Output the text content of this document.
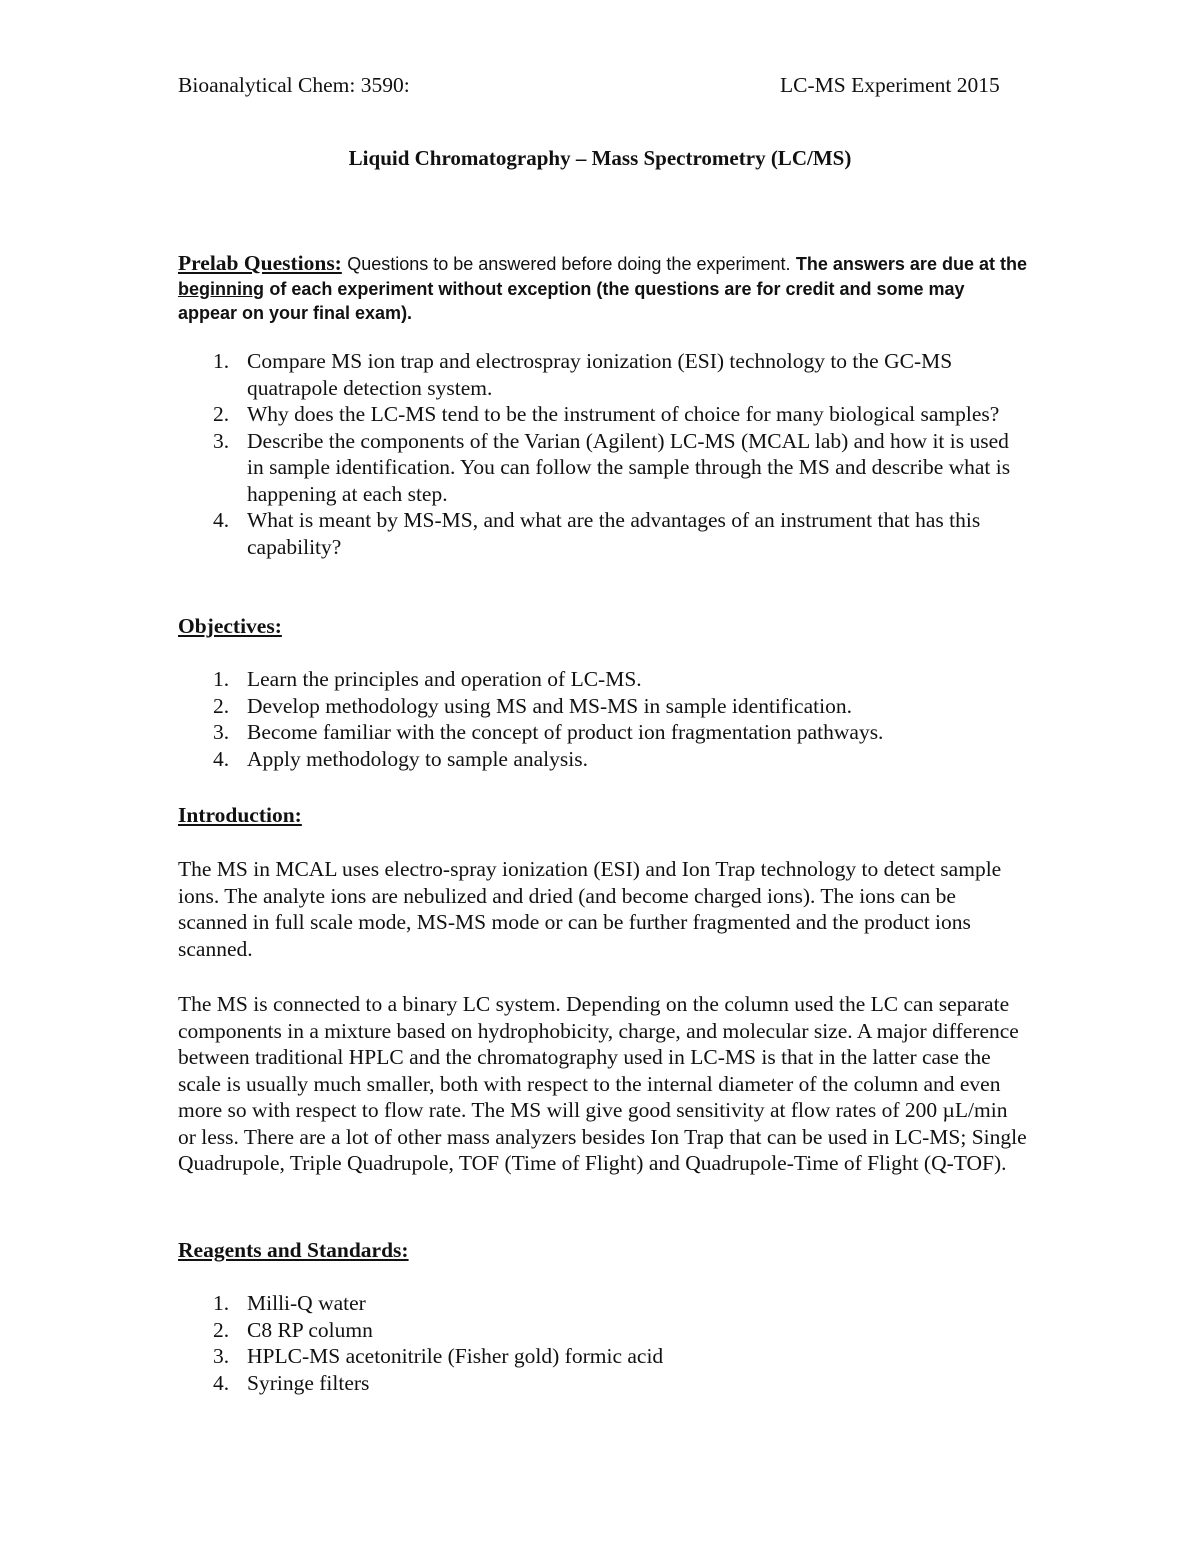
Bioanalytical Chem: 3590:	LC-MS Experiment 2015
Liquid Chromatography – Mass Spectrometry (LC/MS)
Prelab Questions: Questions to be answered before doing the experiment. The answers are due at the beginning of each experiment without exception (the questions are for credit and some may appear on your final exam).
1. Compare MS ion trap and electrospray ionization (ESI) technology to the GC-MS quatrapole detection system.
2. Why does the LC-MS tend to be the instrument of choice for many biological samples?
3. Describe the components of the Varian (Agilent) LC-MS (MCAL lab) and how it is used in sample identification. You can follow the sample through the MS and describe what is happening at each step.
4. What is meant by MS-MS, and what are the advantages of an instrument that has this capability?
Objectives:
1. Learn the principles and operation of LC-MS.
2. Develop methodology using MS and MS-MS in sample identification.
3. Become familiar with the concept of product ion fragmentation pathways.
4. Apply methodology to sample analysis.
Introduction:
The MS in MCAL uses electro-spray ionization (ESI) and Ion Trap technology to detect sample ions. The analyte ions are nebulized and dried (and become charged ions). The ions can be scanned in full scale mode, MS-MS mode or can be further fragmented and the product ions scanned.
The MS is connected to a binary LC system. Depending on the column used the LC can separate components in a mixture based on hydrophobicity, charge, and molecular size. A major difference between traditional HPLC and the chromatography used in LC-MS is that in the latter case the scale is usually much smaller, both with respect to the internal diameter of the column and even more so with respect to flow rate. The MS will give good sensitivity at flow rates of 200 µL/min or less. There are a lot of other mass analyzers besides Ion Trap that can be used in LC-MS; Single Quadrupole, Triple Quadrupole, TOF (Time of Flight) and Quadrupole-Time of Flight (Q-TOF).
Reagents and Standards:
1. Milli-Q water
2. C8 RP column
3. HPLC-MS acetonitrile (Fisher gold) formic acid
4. Syringe filters
